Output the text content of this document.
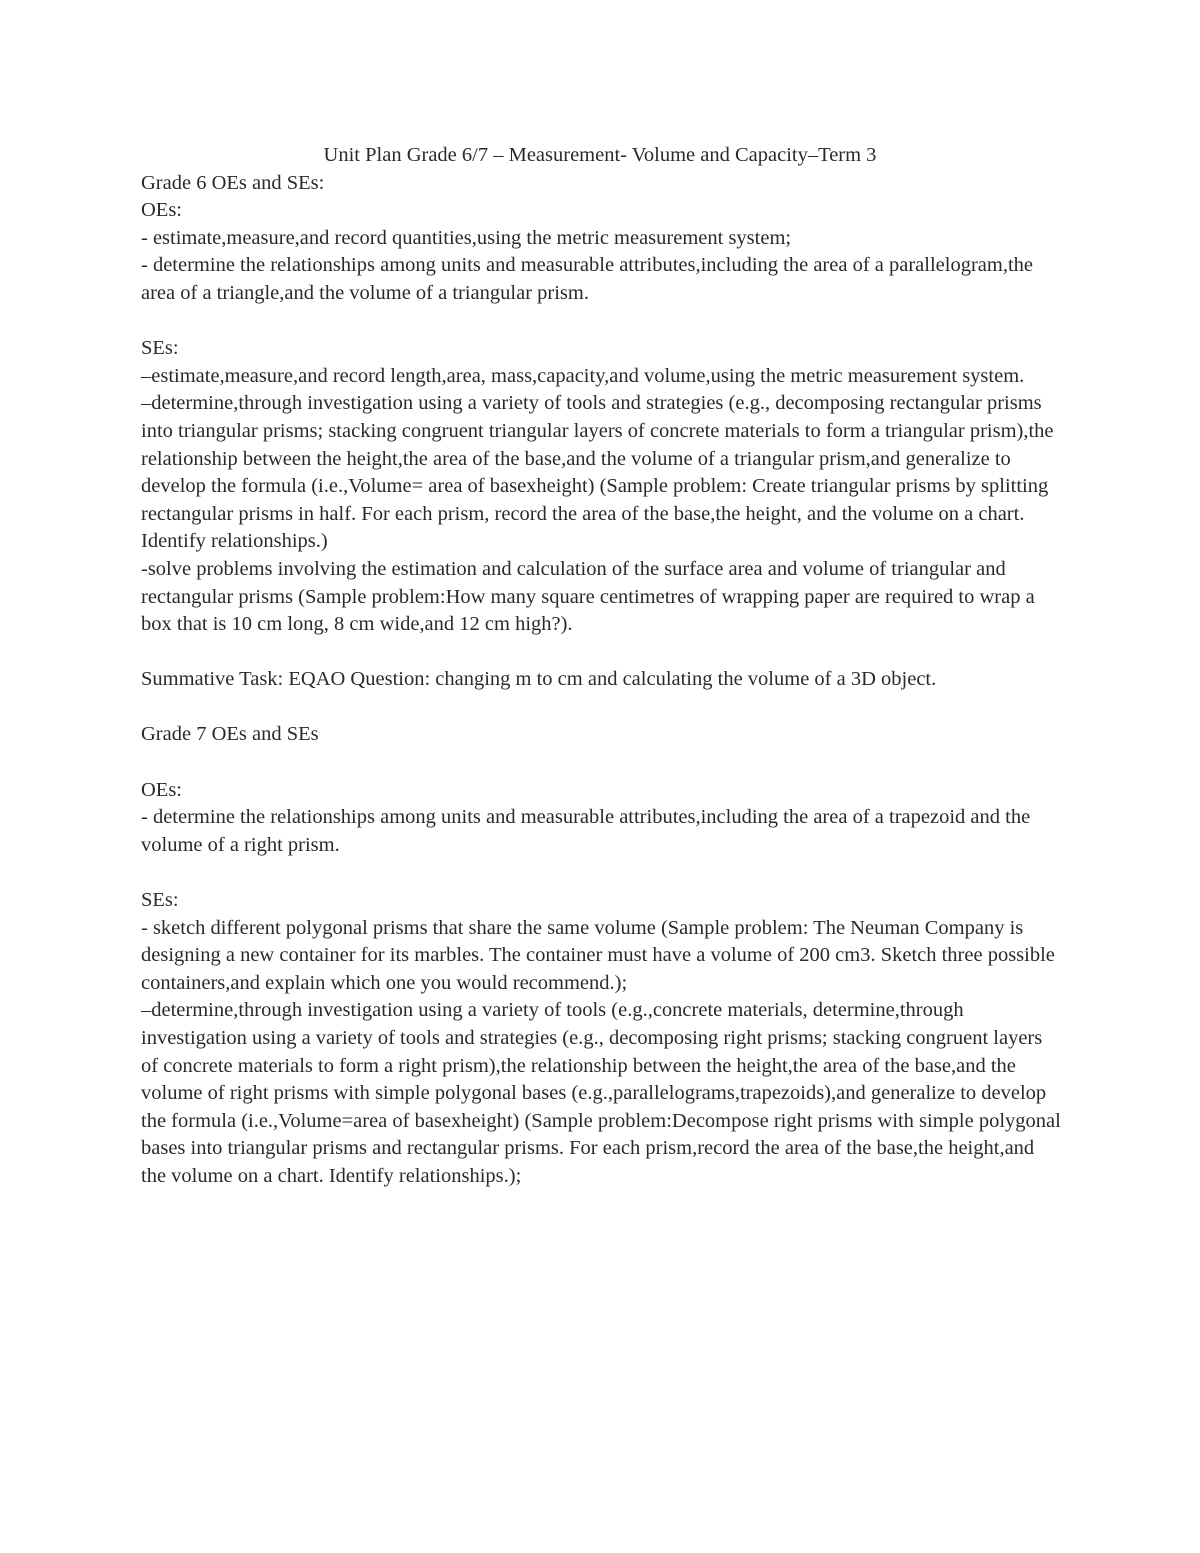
Unit Plan Grade 6/7 – Measurement- Volume and Capacity–Term 3

Grade 6 OEs and SEs:

OEs:

- estimate,measure,and record quantities,using the metric measurement system;

- determine the relationships among units and measurable attributes,including the area of a parallelogram,the area of a triangle,and the volume of a triangular prism.

SEs:

–estimate,measure,and record length,area, mass,capacity,and volume,using the metric measurement system.

–determine,through investigation using a variety of tools and strategies (e.g., decomposing rectangular prisms into triangular prisms; stacking congruent triangular layers of concrete materials to form a triangular prism),the relationship between the height,the area of the base,and the volume of a triangular prism,and generalize to develop the formula (i.e.,Volume= area of basexheight) (Sample problem: Create triangular prisms by splitting rectangular prisms in half. For each prism, record the area of the base,the height, and the volume on a chart. Identify relationships.)

-solve problems involving the estimation and calculation of the surface area and volume of triangular and rectangular prisms (Sample problem:How many square centimetres of wrapping paper are required to wrap a box that is 10 cm long, 8 cm wide,and 12 cm high?).

Summative Task: EQAO Question: changing m to cm and calculating the volume of a 3D object.

Grade 7 OEs and SEs

OEs:

- determine the relationships among units and measurable attributes,including the area of a trapezoid and the volume of a right prism.

SEs:

- sketch different polygonal prisms that share the same volume (Sample problem: The Neuman Company is designing a new container for its marbles. The container must have a volume of 200 cm3. Sketch three possible containers,and explain which one you would recommend.);

–determine,through investigation using a variety of tools (e.g.,concrete materials, determine,through investigation using a variety of tools and strategies (e.g., decomposing right prisms; stacking congruent layers of concrete materials to form a right prism),the relationship between the height,the area of the base,and the volume of right prisms with simple polygonal bases (e.g.,parallelograms,trapezoids),and generalize to develop the formula (i.e.,Volume=area of basexheight) (Sample problem:Decompose right prisms with simple polygonal bases into triangular prisms and rectangular prisms. For each prism,record the area of the base,the height,and the volume on a chart. Identify relationships.);
